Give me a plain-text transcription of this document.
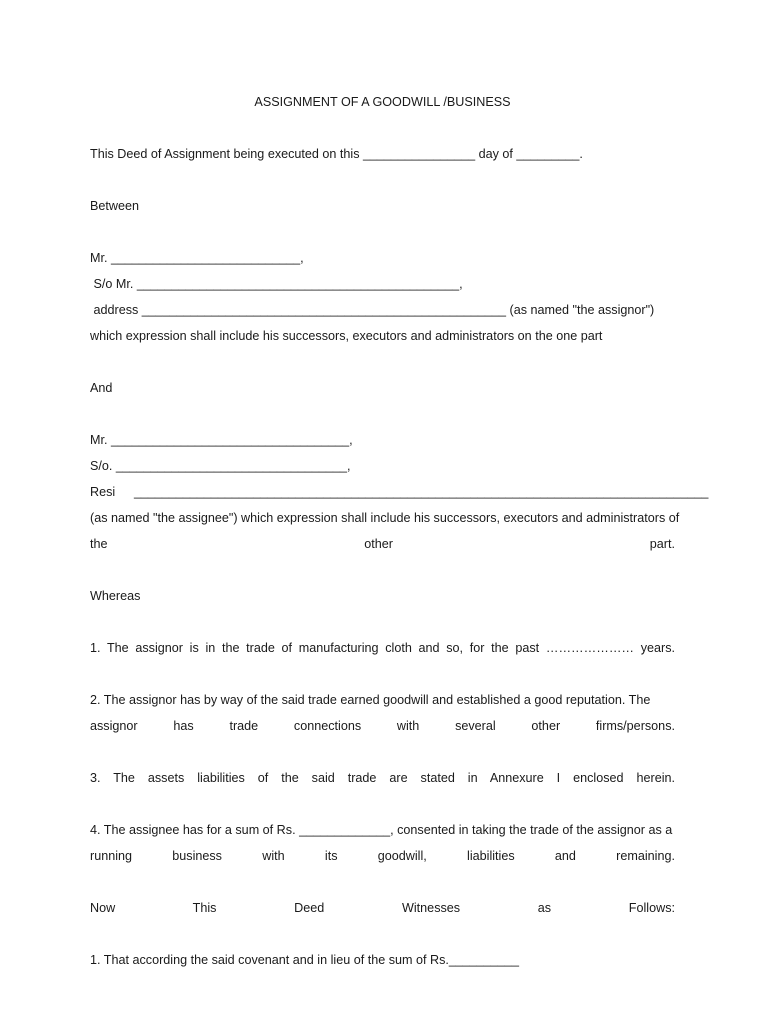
ASSIGNMENT OF A GOODWILL /BUSINESS

This Deed of Assignment being executed on this ________________ day of _________.

Between

Mr. ___________________________,

S/o Mr. ______________________________________________,

address ____________________________________________________ (as named "the assignor")

which expression shall include his successors, executors and administrators on the one part

And

Mr. __________________________________,

S/o. _________________________________,

Resi __________________________________________________________________________________

(as named "the assignee") which expression shall include his successors, executors and administrators of

the other part.

Whereas

1. The assignor is in the trade of manufacturing cloth and so, for the past ………………… years.

2. The assignor has by way of the said trade earned goodwill and established a good reputation. The

assignor has trade connections with several other firms/persons.

3. The assets liabilities of the said trade are stated in Annexure I enclosed herein.

4. The assignee has for a sum of Rs. _____________, consented in taking the trade of the assignor as a

running business with its goodwill, liabilities and remaining.

Now This Deed Witnesses as Follows:

1. That according the said covenant and in lieu of the sum of Rs.__________
